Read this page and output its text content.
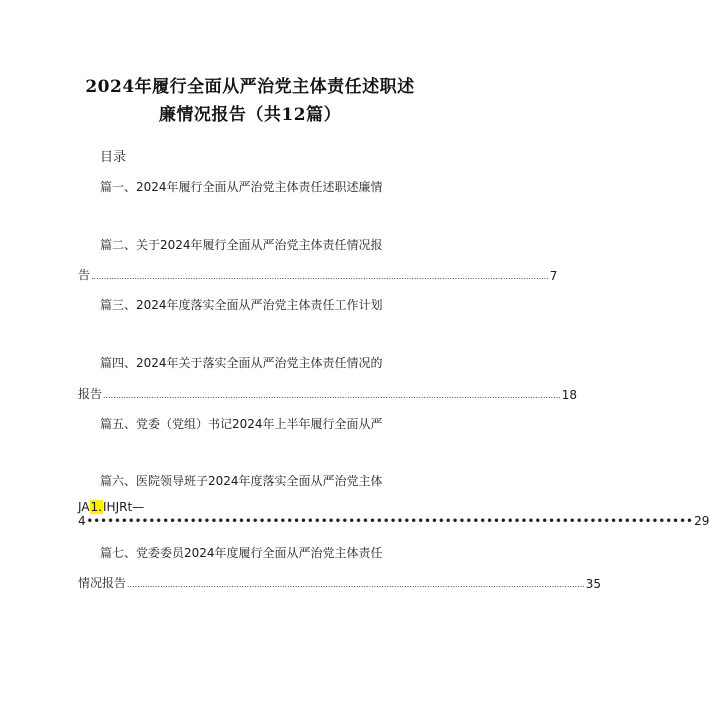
2024年履行全面从严治党主体责任述职述
廉情况报告（共12篇）
目录
篇一、2024年履行全面从严治党主体责任述职述廉情
篇二、关于2024年履行全面从严治党主体责任情况报
告 .................................................................................................................................................................................... 7
篇三、2024年度落实全面从严治党主体责任工作计划
篇四、2024年关于落实全面从严治党主体责任情况的
报告 .................................................................................................................................................................................... 18
篇五、党委（党组）书记2024年上半年履行全面从严
篇六、医院领导班子2024年度落实全面从严治党主体
JA1.IHJRt—
4 •••••••••••••••••••••••••••••••••••••••••••••••••••••••••••••••••••••••••••••••••••••••• 29
篇七、党委委员2024年度履行全面从严治党主体责任
情况报告 .................................................................................................................................................................................... 35
